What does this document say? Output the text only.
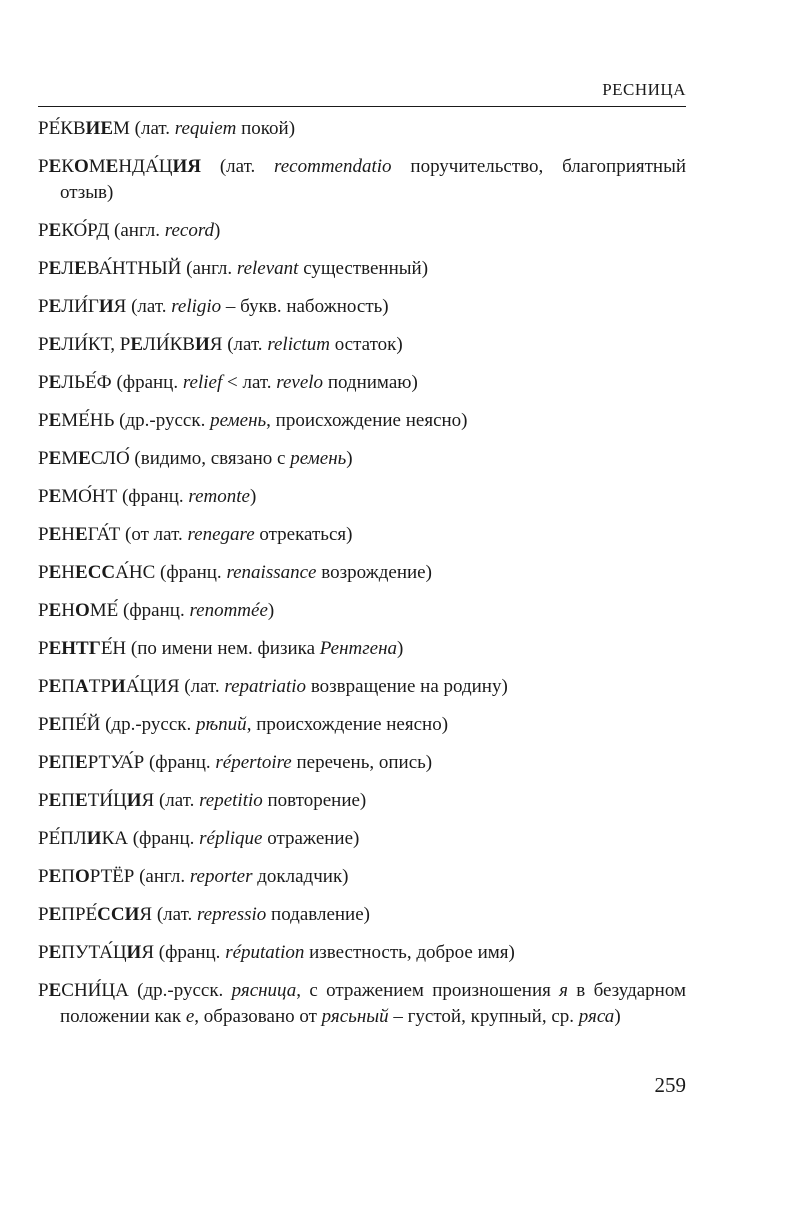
РЕСНИЦА

РЕ́КВИЕМ (лат. requiem покой)

РЕКОМЕНДА́ЦИЯ (лат. recommendatio поручительство, благоприятный отзыв)

РЕКО́РД (англ. record)

РЕЛЕВА́НТНЫЙ (англ. relevant существенный)

РЕЛИ́ГИЯ (лат. religio – букв. набожность)

РЕЛИ́КТ, РЕЛИ́КВИЯ (лат. relictum остаток)

РЕЛЬЕ́Ф (франц. relief < лат. revelo поднимаю)

РЕМЕ́НЬ (др.-русск. ремень, происхождение неясно)

РЕМЕСЛО́ (видимо, связано с ремень)

РЕМО́НТ (франц. remonte)

РЕНЕГА́Т (от лат. renegare отрекаться)

РЕНЕССА́НС (франц. renaissance возрождение)

РЕНОМЕ́ (франц. renommée)

РЕНТГЕ́Н (по имени нем. физика Рентгена)

РЕПАТРИА́ЦИЯ (лат. repatriatio возвращение на родину)

РЕПЕ́Й (др.-русск. рѣпий, происхождение неясно)

РЕПЕРТУА́Р (франц. répertoire перечень, опись)

РЕПЕТИ́ЦИЯ (лат. repetitio повторение)

РЕ́ПЛИКА (франц. réplique отражение)

РЕПОРТЁР (англ. reporter докладчик)

РЕПРЕ́ССИЯ (лат. repressio подавление)

РЕПУТА́ЦИЯ (франц. réputation известность, доброе имя)

РЕСНИ́ЦА (др.-русск. рясница, с отражением произношения я в безударном положении как е, образовано от рясьный – густой, крупный, ср. ряса)

259
